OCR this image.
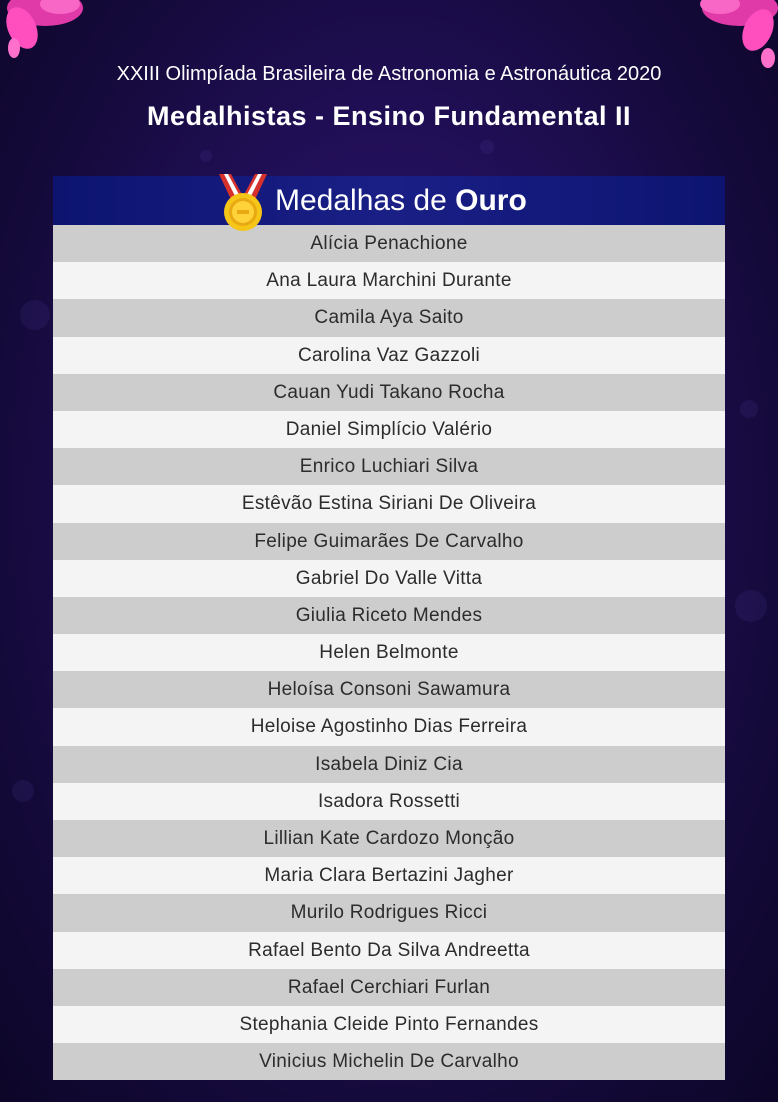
XXIII Olimpíada Brasileira de Astronomia e Astronáutica 2020
Medalhistas - Ensino Fundamental II
Medalhas de Ouro
Alícia Penachione
Ana Laura Marchini Durante
Camila Aya Saito
Carolina Vaz Gazzoli
Cauan Yudi Takano Rocha
Daniel Simplício Valério
Enrico Luchiari Silva
Estêvão Estina Siriani De Oliveira
Felipe Guimarães De Carvalho
Gabriel Do Valle Vitta
Giulia Riceto Mendes
Helen Belmonte
Heloísa Consoni Sawamura
Heloise Agostinho Dias Ferreira
Isabela Diniz Cia
Isadora Rossetti
Lillian Kate Cardozo Monção
Maria Clara Bertazini Jagher
Murilo Rodrigues Ricci
Rafael Bento Da Silva Andreetta
Rafael Cerchiari Furlan
Stephania Cleide Pinto Fernandes
Vinicius Michelin De Carvalho
